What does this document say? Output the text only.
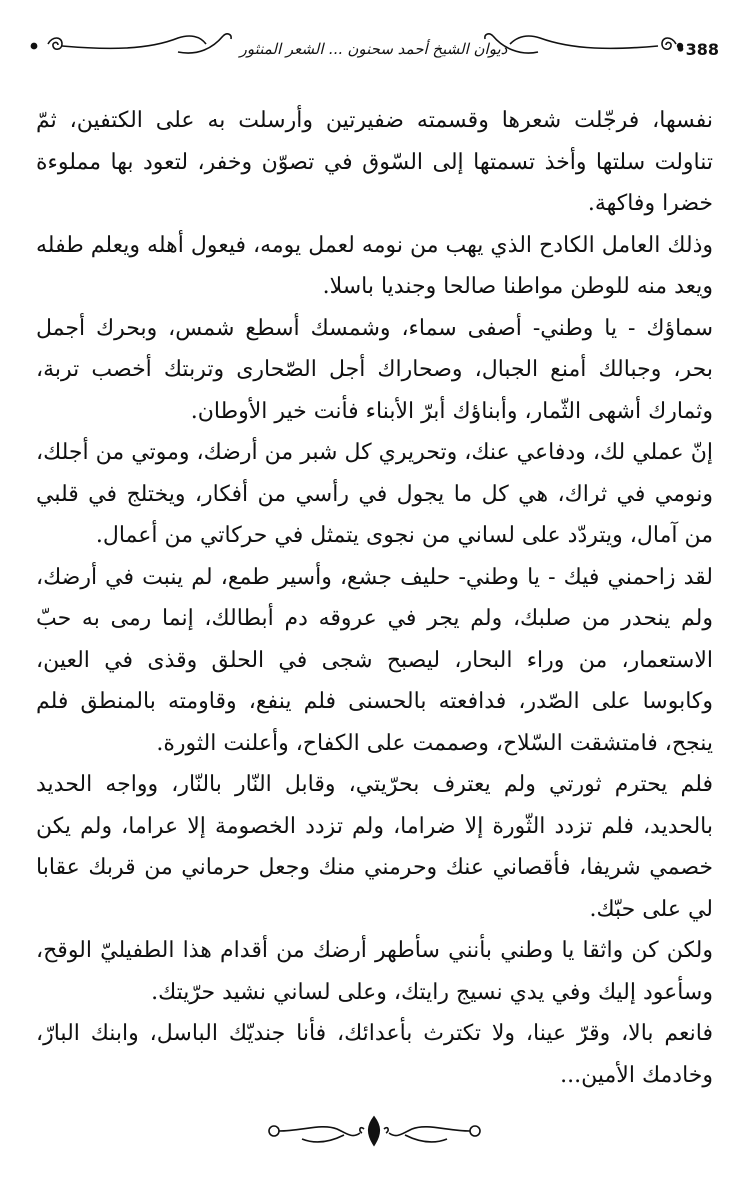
ديوان الشيخ أحمد سحنون ... الشعر المنثور	•388

نفسها، فرجّلت شعرها وقسمته ضفيرتين وأرسلت به على الكتفين، ثمّ تناولت سلتها وأخذ تسمتها إلى السّوق في تصوّن وخفر، لتعود بها مملوءة خضرا وفاكهة.

وذلك العامل الكادح الذي يهب من نومه لعمل يومه، فيعول أهله ويعلم طفله ويعد منه للوطن مواطنا صالحا وجنديا باسلا.

سماؤك - يا وطني- أصفى سماء، وشمسك أسطع شمس، وبحرك أجمل بحر، وجبالك أمنع الجبال، وصحاراك أجل الصّحارى وتربتك أخصب تربة، وثمارك أشهى الثّمار، وأبناؤك أبرّ الأبناء فأنت خير الأوطان.

إنّ عملي لك، ودفاعي عنك، وتحريري كل شبر من أرضك، وموتي من أجلك، ونومي في ثراك، هي كل ما يجول في رأسي من أفكار، ويختلج في قلبي من آمال، ويتردّد على لساني من نجوى يتمثل في حركاتي من أعمال.

لقد زاحمني فيك - يا وطني- حليف جشع، وأسير طمع، لم ينبت في أرضك، ولم ينحدر من صلبك، ولم يجر في عروقه دم أبطالك، إنما رمى به حبّ الاستعمار، من وراء البحار، ليصبح شجى في الحلق وقذى في العين، وكابوسا على الصّدر، فدافعته بالحسنى فلم ينفع، وقاومته بالمنطق فلم ينجح، فامتشقت السّلاح، وصممت على الكفاح، وأعلنت الثورة.

فلم يحترم ثورتي ولم يعترف بحرّيتي، وقابل النّار بالنّار، وواجه الحديد بالحديد، فلم تزدد الثّورة إلا ضراما، ولم تزدد الخصومة إلا عراما، ولم يكن خصمي شريفا، فأقصاني عنك وحرمني منك وجعل حرماني من قربك عقابا لي على حبّك.

ولكن كن واثقا يا وطني بأنني سأطهر أرضك من أقدام هذا الطفيليّ الوقح، وسأعود إليك وفي يدي نسيج رايتك، وعلى لساني نشيد حرّيتك.

فانعم بالا، وقرّ عينا، ولا تكترث بأعدائك، فأنا جنديّك الباسل، وابنك البارّ، وخادمك الأمين...
